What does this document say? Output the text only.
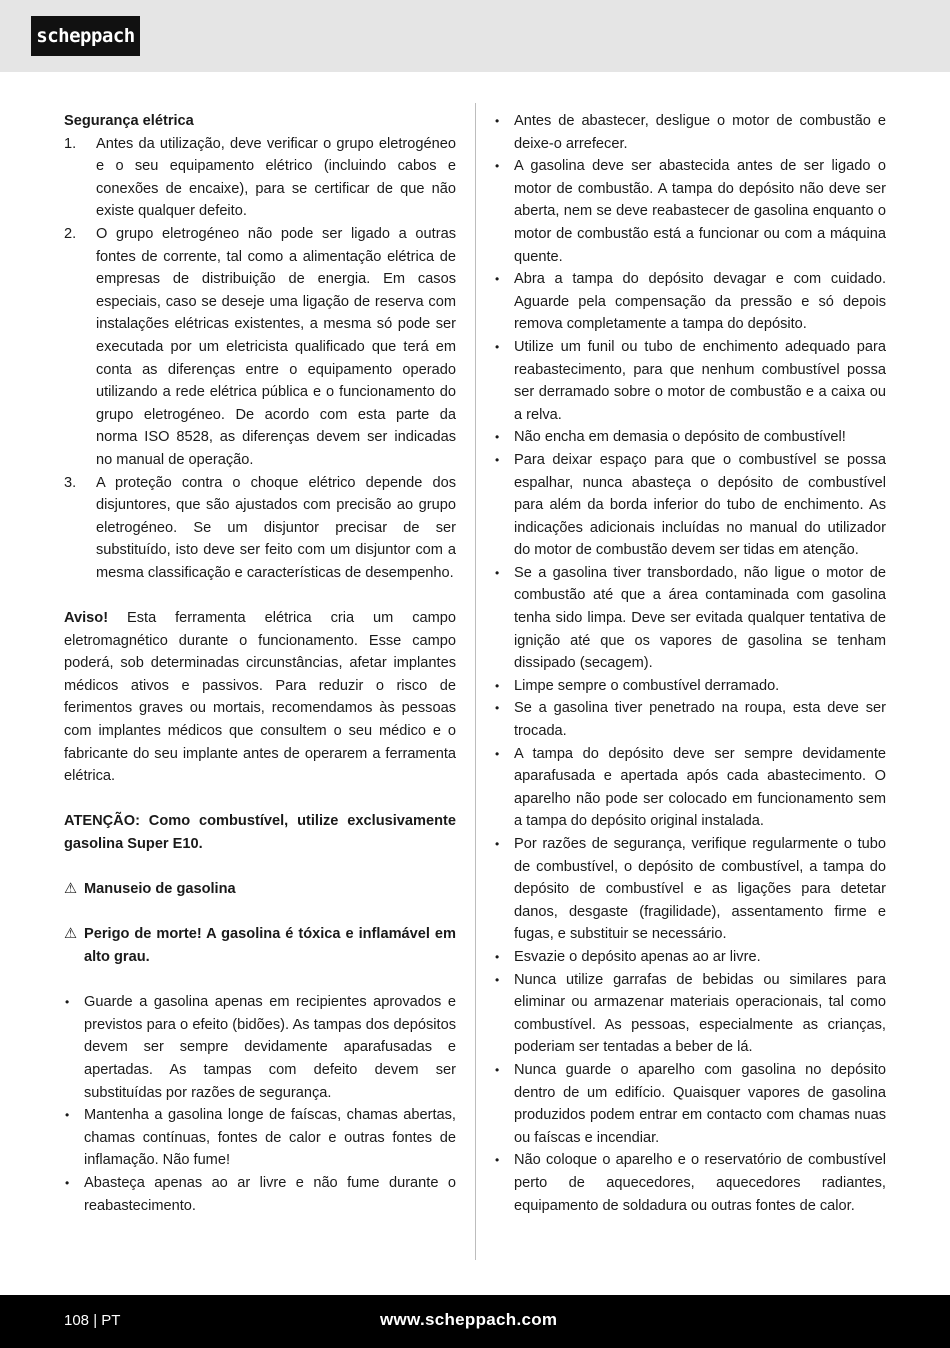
scheppach

Segurança elétrica

1. Antes da utilização, deve verificar o grupo eletrogéneo e o seu equipamento elétrico (incluindo cabos e conexões de encaixe), para se certificar de que não existe qualquer defeito.
2. O grupo eletrogéneo não pode ser ligado a outras fontes de corrente, tal como a alimentação elétrica de empresas de distribuição de energia. Em casos especiais, caso se deseje uma ligação de reserva com instalações elétricas existentes, a mesma só pode ser executada por um eletricista qualificado que terá em conta as diferenças entre o equipamento operado utilizando a rede elétrica pública e o funcionamento do grupo eletrogéneo. De acordo com esta parte da norma ISO 8528, as diferenças devem ser indicadas no manual de operação.
3. A proteção contra o choque elétrico depende dos disjuntores, que são ajustados com precisão ao grupo eletrogéneo. Se um disjuntor precisar de ser substituído, isto deve ser feito com um disjuntor com a mesma classificação e características de desempenho.

Aviso! Esta ferramenta elétrica cria um campo eletromagnético durante o funcionamento. Esse campo poderá, sob determinadas circunstâncias, afetar implantes médicos ativos e passivos. Para reduzir o risco de ferimentos graves ou mortais, recomendamos às pessoas com implantes médicos que consultem o seu médico e o fabricante do seu implante antes de operarem a ferramenta elétrica.

ATENÇÃO: Como combustível, utilize exclusivamente gasolina Super E10.

⚠ Manuseio de gasolina
⚠ Perigo de morte! A gasolina é tóxica e inflamável em alto grau.
• Guarde a gasolina apenas em recipientes aprovados e previstos para o efeito (bidões). As tampas dos depósitos devem ser sempre devidamente aparafusadas e apertadas. As tampas com defeito devem ser substituídas por razões de segurança.
• Mantenha a gasolina longe de faíscas, chamas abertas, chamas contínuas, fontes de calor e outras fontes de inflamação. Não fume!
• Abasteça apenas ao ar livre e não fume durante o reabastecimento.
• Antes de abastecer, desligue o motor de combustão e deixe-o arrefecer.
• A gasolina deve ser abastecida antes de ser ligado o motor de combustão. A tampa do depósito não deve ser aberta, nem se deve reabastecer de gasolina enquanto o motor de combustão está a funcionar ou com a máquina quente.
• Abra a tampa do depósito devagar e com cuidado. Aguarde pela compensação da pressão e só depois remova completamente a tampa do depósito.
• Utilize um funil ou tubo de enchimento adequado para reabastecimento, para que nenhum combustível possa ser derramado sobre o motor de combustão e a caixa ou a relva.
• Não encha em demasia o depósito de combustível!
• Para deixar espaço para que o combustível se possa espalhar, nunca abasteça o depósito de combustível para além da borda inferior do tubo de enchimento. As indicações adicionais incluídas no manual do utilizador do motor de combustão devem ser tidas em atenção.
• Se a gasolina tiver transbordado, não ligue o motor de combustão até que a área contaminada com gasolina tenha sido limpa. Deve ser evitada qualquer tentativa de ignição até que os vapores de gasolina se tenham dissipado (secagem).
• Limpe sempre o combustível derramado.
• Se a gasolina tiver penetrado na roupa, esta deve ser trocada.
• A tampa do depósito deve ser sempre devidamente aparafusada e apertada após cada abastecimento. O aparelho não pode ser colocado em funcionamento sem a tampa do depósito original instalada.
• Por razões de segurança, verifique regularmente o tubo de combustível, o depósito de combustível, a tampa do depósito de combustível e as ligações para detetar danos, desgaste (fragilidade), assentamento firme e fugas, e substituir se necessário.
• Esvazie o depósito apenas ao ar livre.
• Nunca utilize garrafas de bebidas ou similares para eliminar ou armazenar materiais operacionais, tal como combustível. As pessoas, especialmente as crianças, poderiam ser tentadas a beber de lá.
• Nunca guarde o aparelho com gasolina no depósito dentro de um edifício. Quaisquer vapores de gasolina produzidos podem entrar em contacto com chamas nuas ou faíscas e incendiar.
• Não coloque o aparelho e o reservatório de combustível perto de aquecedores, aquecedores radiantes, equipamento de soldadura ou outras fontes de calor.
108 | PT	www.scheppach.com
